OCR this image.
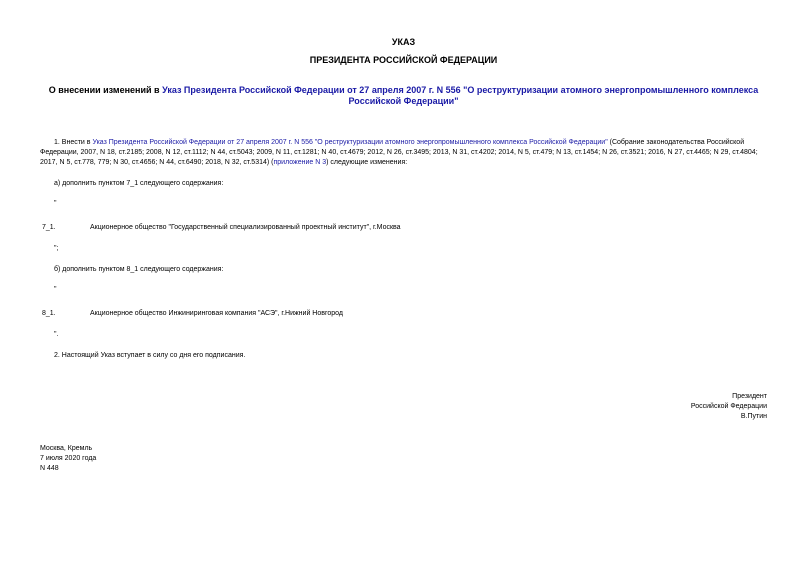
УКАЗ
ПРЕЗИДЕНТА РОССИЙСКОЙ ФЕДЕРАЦИИ
О внесении изменений в Указ Президента Российской Федерации от 27 апреля 2007 г. N 556 "О реструктуризации атомного энергопромышленного комплекса Российской Федерации"
1. Внести в Указ Президента Российской Федерации от 27 апреля 2007 г. N 556 "О реструктуризации атомного энергопромышленного комплекса Российской Федерации" (Собрание законодательства Российской Федерации, 2007, N 18, ст.2185; 2008, N 12, ст.1112; N 44, ст.5043; 2009, N 11, ст.1281; N 40, ст.4679; 2012, N 26, ст.3495; 2013, N 31, ст.4202; 2014, N 5, ст.479; N 13, ст.1454; N 26, ст.3521; 2016, N 27, ст.4465; N 29, ст.4804; 2017, N 5, ст.778, 779; N 30, ст.4656; N 44, ст.6490; 2018, N 32, ст.5314) (приложение N 3) следующие изменения:
а) дополнить пунктом 7_1 следующего содержания:
"
7_1.	Акционерное общество "Государственный специализированный проектный институт", г.Москва
";
б) дополнить пунктом 8_1 следующего содержания:
"
8_1.	Акционерное общество Инжиниринговая компания "АСЭ", г.Нижний Новгород
".
2. Настоящий Указ вступает в силу со дня его подписания.
Президент
Российской Федерации
В.Путин
Москва, Кремль
7 июля 2020 года
N 448
